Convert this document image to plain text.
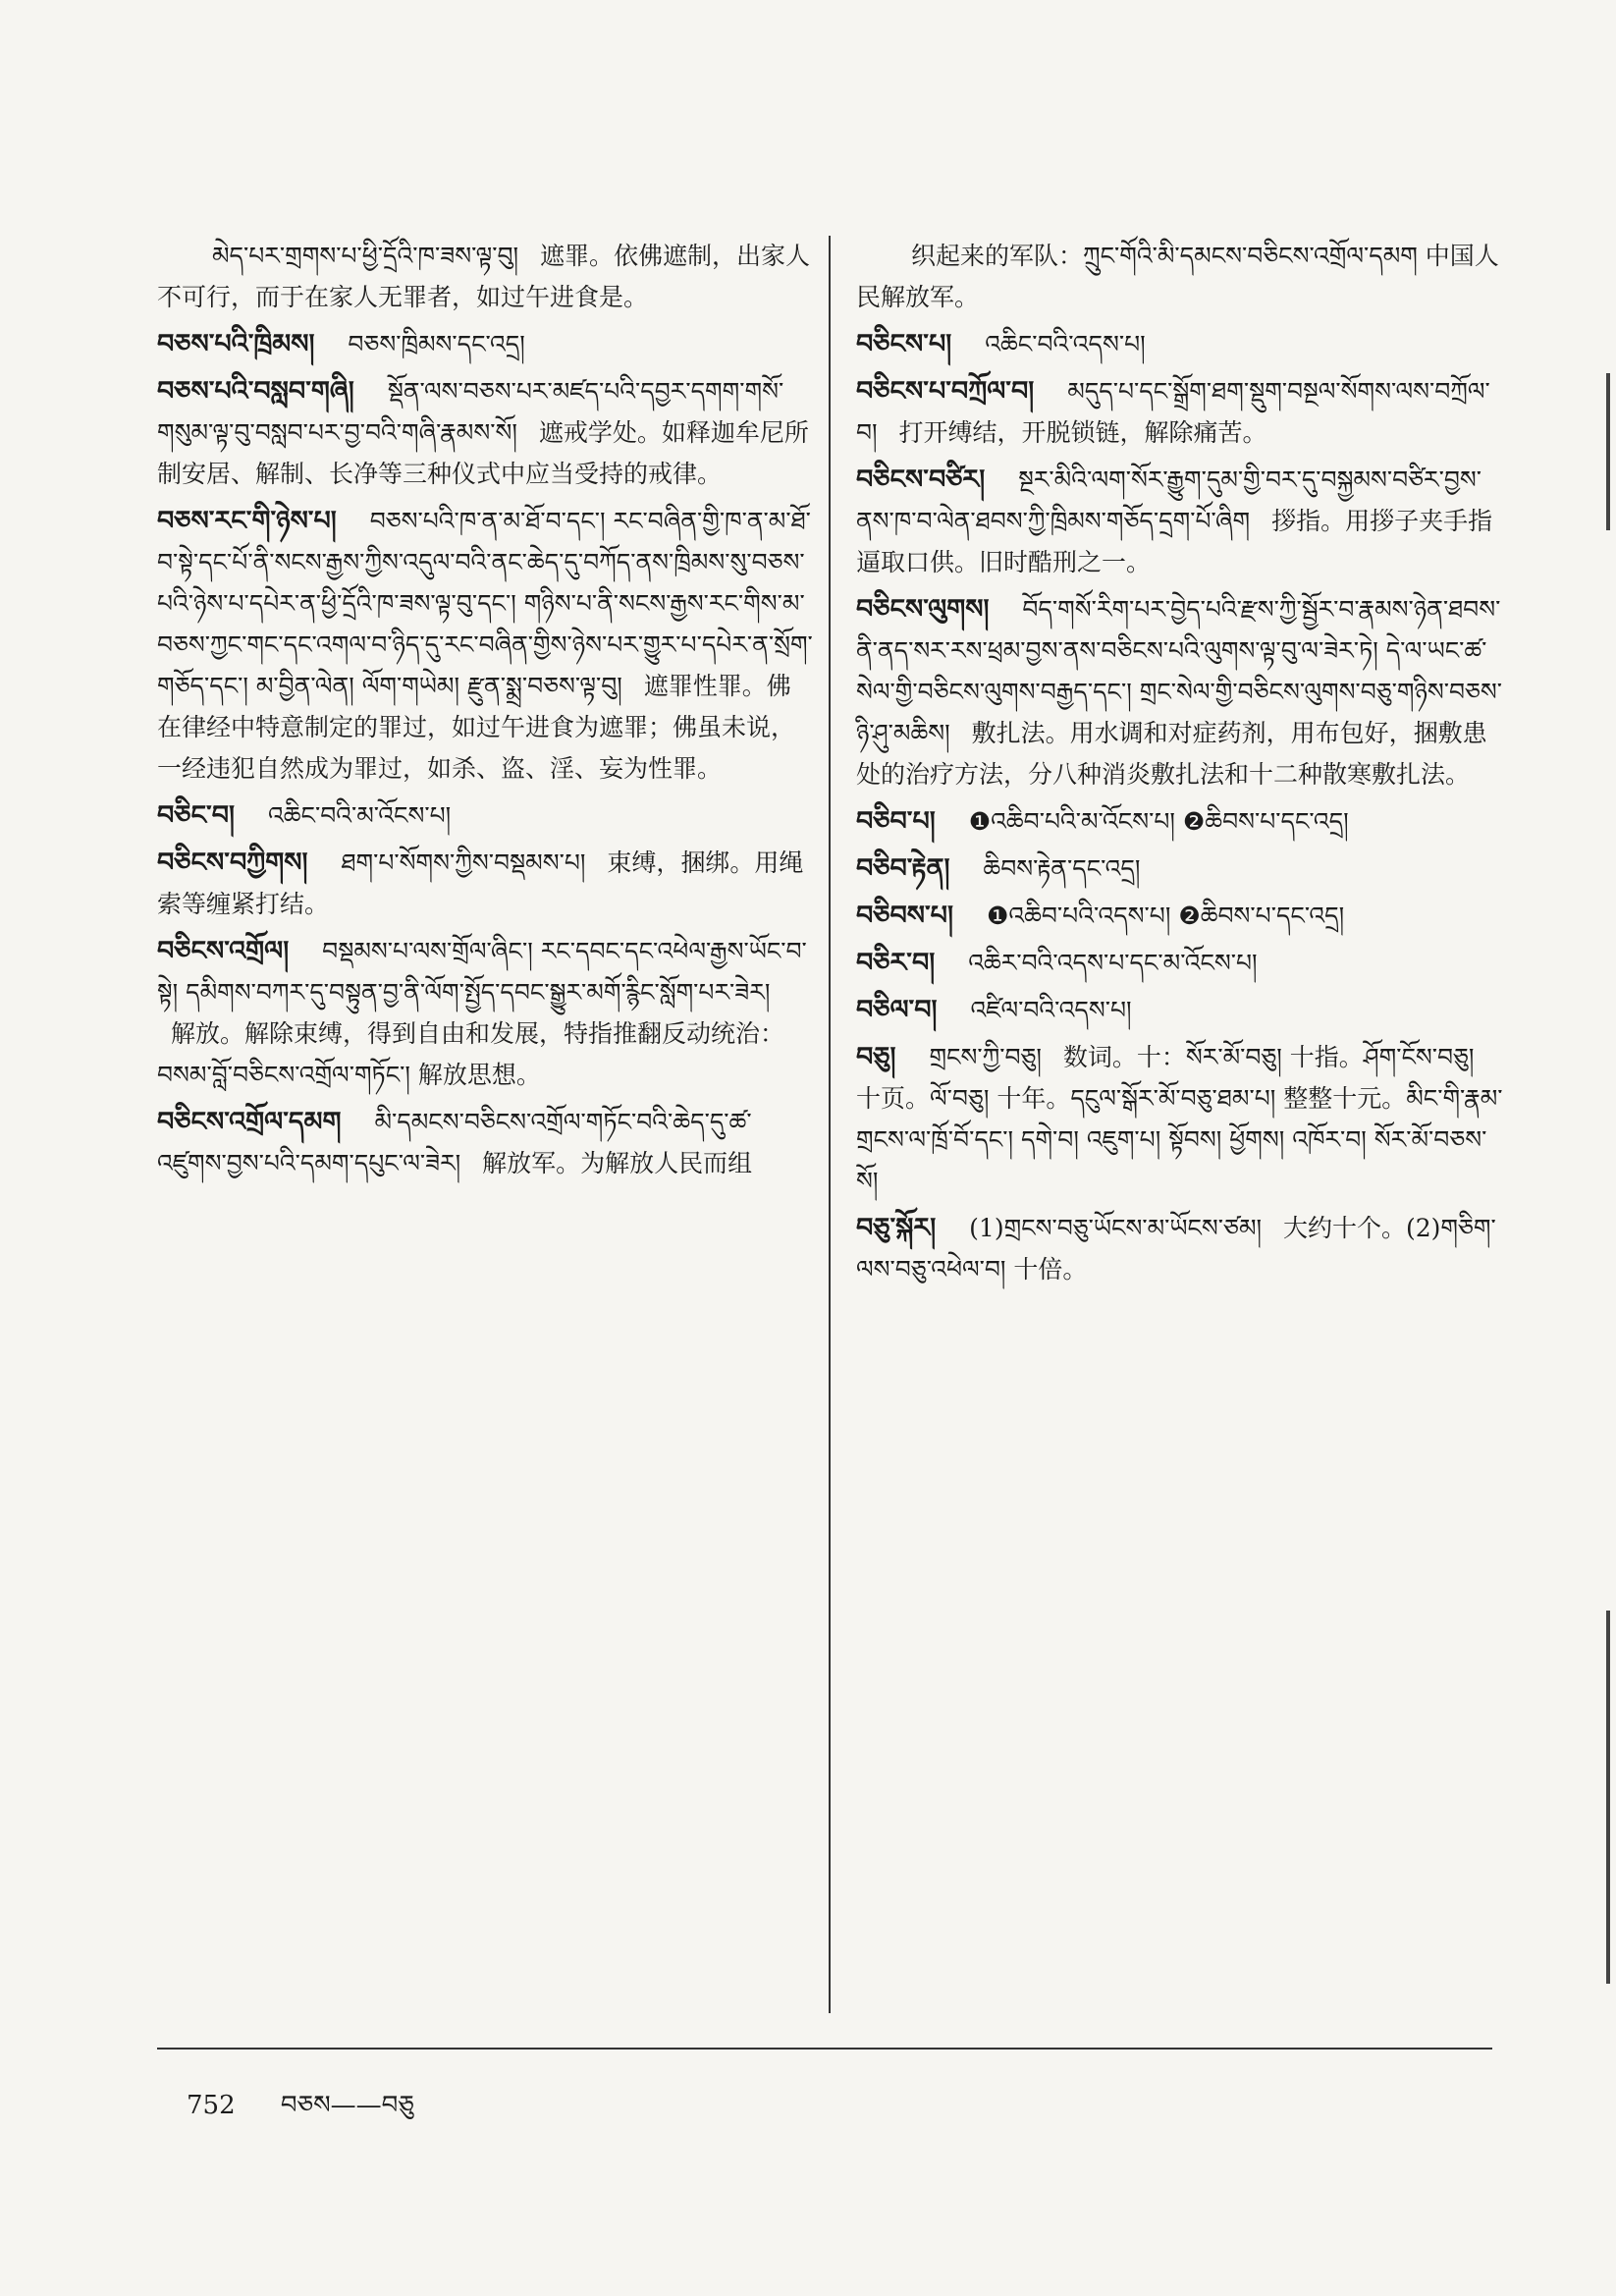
མེད་པར་གྲགས་པ་ཕྱི་དྲོའི་ཁ་ཟས་ལྟ་བུ། 遮罪。依佛遮制，出家人不可行，而于在家人无罪者，如过午进食是。
བཅས་པའི་ཁྲིམས། བཅས་ཁྲིམས་དང་འདྲ།
བཅས་པའི་བསླབ་གཞི། སྡོན་ལས་བཅས་པར་མཛད་པའི་དབྱར་དགག་གསོ་གསུམ་ལྟ་བུ་བསླབ་པར་བྱ་བའི་གཞི་རྣམས་སོ། 遮戒学处。如释迦牟尼所制安居、解制、长净等三种仪式中应当受持的戒律。
བཅས་རང་གི་ཉེས་པ། བཅས་པའི་ཁ་ན་མ་ཐོ་བ་དང་། རང་བཞིན་གྱི་ཁ་ན་མ་ཐོ་བ་སྟེ་དང་པོ་ནི་སངས་རྒྱས་ཀྱིས་འདུལ་བའི་ནང་ཆེད་དུ་བཀོད་ནས་ཁྲིམས་སུ་བཅས་པའི་ཉེས་པ་དཔེར་ན་ཕྱི་དྲོའི་ཁ་ཟས་ལྟ་བུ་དང་། གཉིས་པ་ནི་སངས་རྒྱས་རང་གིས་མ་བཅས་ཀྱང་གང་དང་འགལ་བ་ཉིད་དུ་རང་བཞིན་གྱིས་ཉེས་པར་གྱུར་པ་དཔེར་ན་སྲོག་གཅོད་དང་། མ་བྱིན་ལེན། ལོག་གཡེམ། རྫུན་སྨྲ་བཅས་ལྟ་བུ། 遮罪性罪。佛在律经中特意制定的罪过，如过午进食为遮罪；佛虽未说，一经违犯自然成为罪过，如杀、盗、淫、妄为性罪。
བཅིང་བ། འཆིང་བའི་མ་འོངས་པ།
བཅིངས་བཀྱིགས། ཐག་པ་སོགས་ཀྱིས་བསྡམས་པ། 束缚，捆绑。用绳索等缠紧打结。
བཅིངས་འགྲོལ། བསྡམས་པ་ལས་གྲོལ་ཞིང་། རང་དབང་དང་འཕེལ་རྒྱས་ཡོང་བ་སྟེ། དམིགས་བཀར་དུ་བསྟུན་བྱ་ནི་ལོག་སྤྱོད་དབང་སྒྱུར་མགོ་རྙིང་སློག་པར་ཟེར། 解放。解除束缚，得到自由和发展，特指推翻反动统治：བསམ་བློ་བཅིངས་འགྲོལ་གཏོང་། 解放思想。
བཅིངས་འགྲོལ་དམག མི་དམངས་བཅིངས་འགྲོལ་གཏོང་བའི་ཆེད་དུ་ཚ་འཛུགས་བྱས་པའི་དམག་དཔུང་ལ་ཟེར། 解放军。为解放人民而组
织起来的军队：ཀྲུང་གོའི་མི་དམངས་བཅིངས་འགྲོལ་དམག 中国人民解放军。
བཅིངས་པ། འཆིང་བའི་འདས་པ།
བཅིངས་པ་བཀྲོལ་བ། མདུད་པ་དང་སྒྲོག་ཐག་སྡུག་བསྔལ་སོགས་ལས་བཀྲོལ་བ། 打开缚结，开脱锁链，解除痛苦。
བཅིངས་བཙིར། སྔར་མིའི་ལག་སོར་རྒྱུག་དུམ་གྱི་བར་དུ་བསྐྱམས་བཙིར་བྱས་ནས་ཁ་བ་ལེན་ཐབས་ཀྱི་ཁྲིམས་གཅོད་དྲག་པོ་ཞིག 拶指。用拶子夹手指逼取口供。旧时酷刑之一。
བཅིངས་ལུགས། བོད་གསོ་རིག་པར་བྱེད་པའི་རྫས་ཀྱི་སྦྱོར་བ་རྣམས་ཉེན་ཐབས་ནི་ནད་སར་རས་ཕྲམ་བྱས་ནས་བཅིངས་པའི་ལུགས་ལྟ་བུ་ལ་ཟེར་ཏེ། དེ་ལ་ཡང་ཚ་སེལ་གྱི་བཅིངས་ལུགས་བརྒྱད་དང་། གྲང་སེལ་གྱི་བཅིངས་ལུགས་བཅུ་གཉིས་བཅས་ཉི་ཤུ་མཆིས། 敷扎法。用水调和对症药剂，用布包好，捆敷患处的治疗方法，分八种消炎敷扎法和十二种散寒敷扎法。
བཅིབ་པ། ❶འཆིབ་པའི་མ་འོངས་པ། ❷ཆིབས་པ་དང་འདྲ།
བཅིབ་རྟེན། ཆིབས་རྟེན་དང་འདྲ།
བཅིབས་པ། ❶འཆིབ་པའི་འདས་པ། ❷ཆིབས་པ་དང་འདྲ།
བཅིར་བ། འཆིར་བའི་འདས་པ་དང་མ་འོངས་པ།
བཅིལ་བ། འཛིལ་བའི་འདས་པ།
བཅུ། གྲངས་ཀྱི་བཅུ། 数词。十：སོར་མོ་བཅུ། 十指。ཤོག་ངོས་བཅུ། 十页。ལོ་བཅུ། 十年。དངུལ་སྒོར་མོ་བཅུ་ཐམ་པ། 整整十元。མིང་གི་རྣམ་གྲངས་ལ་ཁྲོ་བོ་དང་། དགེ་བ། འཇུག་པ། སྟོབས། ཕྱོགས། འཁོར་བ། སོར་མོ་བཅས་སོ།
བཅུ་སྐོར། (1)གྲངས་བཅུ་ཡོངས་མ་ཡོངས་ཙམ། 大约十个。(2)གཅིག་ལས་བཅུ་འཕེལ་བ། 十倍。
752 བཅས——བཅུ
